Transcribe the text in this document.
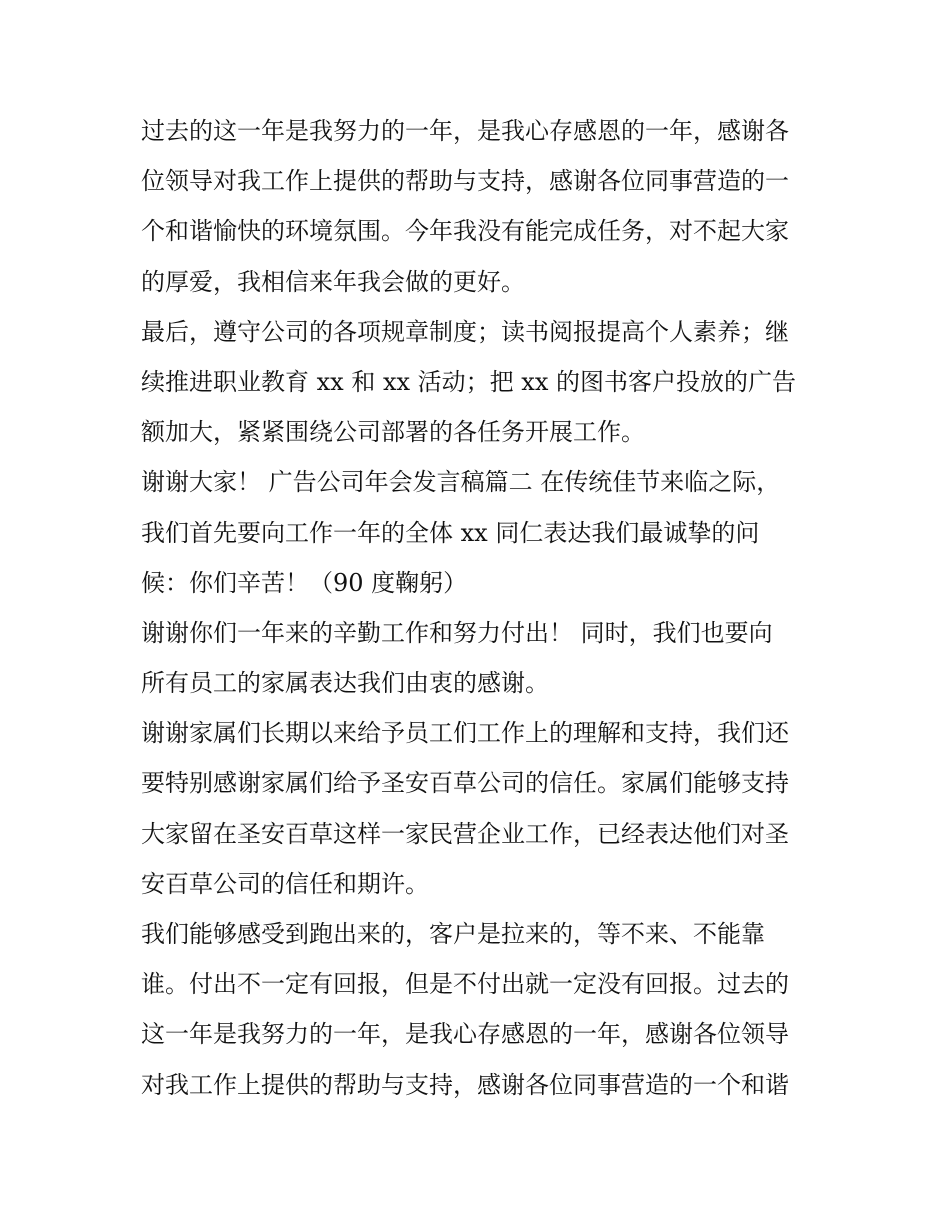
过去的这一年是我努力的一年，是我心存感恩的一年，感谢各
位领导对我工作上提供的帮助与支持，感谢各位同事营造的一
个和谐愉快的环境氛围。今年我没有能完成任务，对不起大家
的厚爱，我相信来年我会做的更好。
最后，遵守公司的各项规章制度；读书阅报提高个人素养；继
续推进职业教育 xx 和 xx 活动；把 xx 的图书客户投放的广告
额加大，紧紧围绕公司部署的各任务开展工作。
谢谢大家！ 广告公司年会发言稿篇二 在传统佳节来临之际，
我们首先要向工作一年的全体 xx 同仁表达我们最诚挚的问
候：你们辛苦！（90 度鞠躬）
谢谢你们一年来的辛勤工作和努力付出！ 同时，我们也要向
所有员工的家属表达我们由衷的感谢。
谢谢家属们长期以来给予员工们工作上的理解和支持，我们还
要特别感谢家属们给予圣安百草公司的信任。家属们能够支持
大家留在圣安百草这样一家民营企业工作，已经表达他们对圣
安百草公司的信任和期许。
我们能够感受到跑出来的，客户是拉来的，等不来、不能靠
谁。付出不一定有回报，但是不付出就一定没有回报。过去的
这一年是我努力的一年，是我心存感恩的一年，感谢各位领导
对我工作上提供的帮助与支持，感谢各位同事营造的一个和谐
